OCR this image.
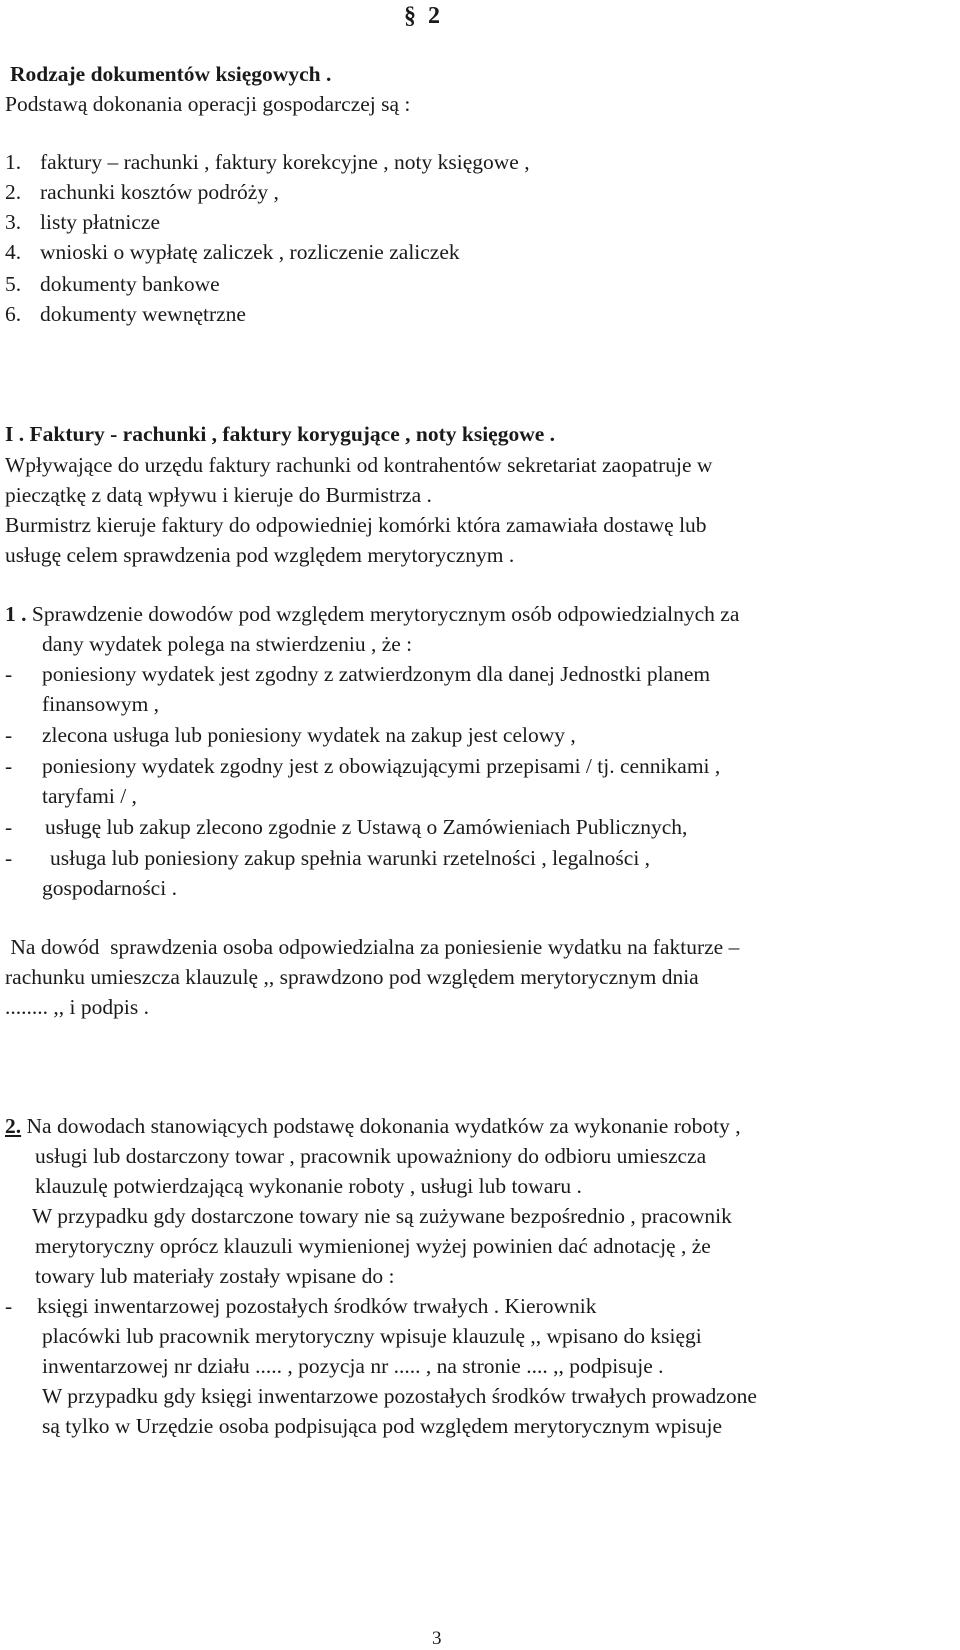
§ 2
Rodzaje dokumentów księgowych .
Podstawą dokonania operacji gospodarczej są :
1. faktury – rachunki , faktury korekcyjne , noty księgowe ,
2. rachunki kosztów podróży ,
3. listy płatnicze
4. wnioski o wypłatę zaliczek , rozliczenie zaliczek
5. dokumenty bankowe
6. dokumenty wewnętrzne
I . Faktury - rachunki , faktury korygujące , noty księgowe .
Wpływające do urzędu faktury rachunki od kontrahentów sekretariat zaopatruje w
pieczątkę z datą wpływu i kieruje do Burmistrza .
Burmistrz kieruje faktury do odpowiedniej komórki która zamawiała dostawę lub
usługę celem sprawdzenia pod względem merytorycznym .
1 . Sprawdzenie dowodów pod względem merytorycznym osób odpowiedzialnych za
dany wydatek polega na stwierdzeniu , że :
- poniesiony wydatek jest zgodny z zatwierdzonym dla danej Jednostki planem
finansowym ,
- zlecona usługa lub poniesiony wydatek na zakup jest celowy ,
- poniesiony wydatek zgodny jest z obowiązującymi przepisami / tj. cennikami ,
taryfami / ,
- usługę lub zakup zlecono zgodnie z Ustawą o Zamówieniach Publicznych,
- usługa lub poniesiony zakup spełnia warunki rzetelności , legalności ,
gospodarności .
Na dowód  sprawdzenia osoba odpowiedzialna za poniesienie wydatku na fakturze –
rachunku umieszcza klauzulę ,, sprawdzono pod względem merytorycznym dnia
........ ,, i podpis .
2. Na dowodach stanowiących podstawę dokonania wydatków za wykonanie roboty ,
usługi lub dostarczony towar , pracownik upoważniony do odbioru umieszcza
klauzulę potwierdzającą wykonanie roboty , usługi lub towaru .
W przypadku gdy dostarczone towary nie są zużywane bezpośrednio , pracownik
merytoryczny oprócz klauzuli wymienionej wyżej powinien dać adnotację , że
towary lub materiały zostały wpisane do :
- księgi inwentarzowej pozostałych środków trwałych . Kierownik
placówki lub pracownik merytoryczny wpisuje klauzulę ,, wpisano do księgi
inwentarzowej nr działu ..... , pozycja nr ..... , na stronie .... ,, podpisuje .
W przypadku gdy księgi inwentarzowe pozostałych środków trwałych prowadzone
są tylko w Urzędzie osoba podpisująca pod względem merytorycznym wpisuje
3
